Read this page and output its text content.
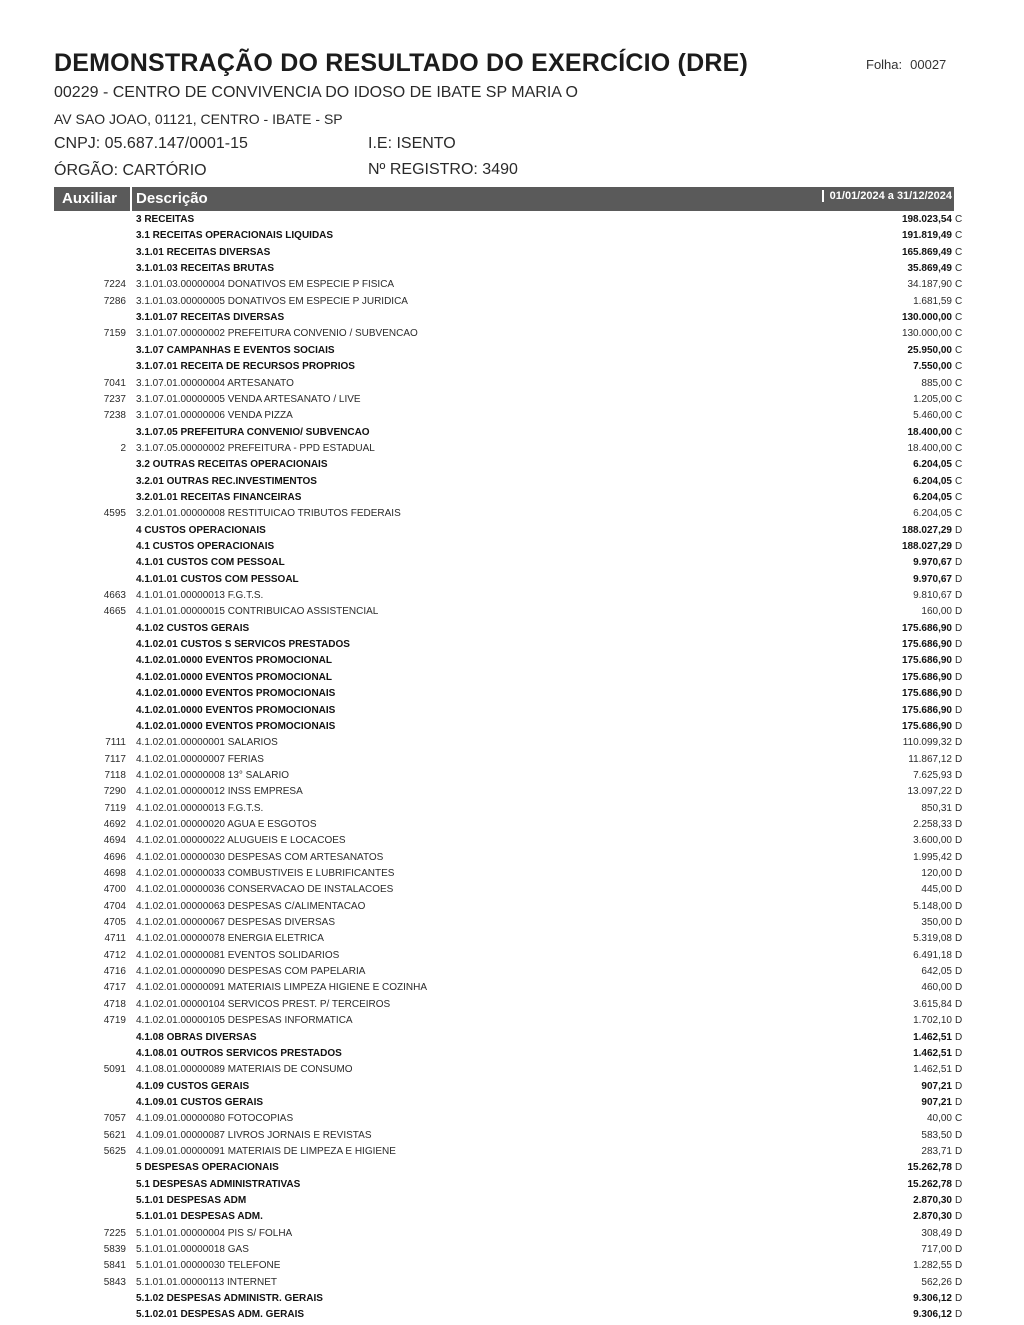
DEMONSTRAÇÃO DO RESULTADO DO EXERCÍCIO (DRE)	Folha: 00027
00229 - CENTRO DE CONVIVENCIA DO IDOSO DE IBATE SP MARIA O
AV SAO JOAO, 01121, CENTRO - IBATE - SP
CNPJ: 05.687.147/0001-15	I.E: ISENTO
ÓRGÃO: CARTÓRIO	Nº REGISTRO: 3490
Auxiliar Descrição	01/01/2024 a 31/12/2024
3 RECEITAS	198.023,54 C
3.1 RECEITAS OPERACIONAIS LIQUIDAS	191.819,49 C
3.1.01 RECEITAS DIVERSAS	165.869,49 C
3.1.01.03 RECEITAS BRUTAS	35.869,49 C
7224 3.1.01.03.00000004 DONATIVOS EM ESPECIE P FISICA	34.187,90 C
7286 3.1.01.03.00000005 DONATIVOS EM ESPECIE P JURIDICA	1.681,59 C
3.1.01.07 RECEITAS DIVERSAS	130.000,00 C
7159 3.1.01.07.00000002 PREFEITURA CONVENIO / SUBVENCAO	130.000,00 C
3.1.07 CAMPANHAS E EVENTOS SOCIAIS	25.950,00 C
3.1.07.01 RECEITA DE RECURSOS PROPRIOS	7.550,00 C
7041 3.1.07.01.00000004 ARTESANATO	885,00 C
7237 3.1.07.01.00000005 VENDA ARTESANATO / LIVE	1.205,00 C
7238 3.1.07.01.00000006 VENDA PIZZA	5.460,00 C
3.1.07.05 PREFEITURA CONVENIO/ SUBVENCAO	18.400,00 C
2 3.1.07.05.00000002 PREFEITURA - PPD ESTADUAL	18.400,00 C
3.2 OUTRAS RECEITAS OPERACIONAIS	6.204,05 C
3.2.01 OUTRAS REC.INVESTIMENTOS	6.204,05 C
3.2.01.01 RECEITAS FINANCEIRAS	6.204,05 C
4595 3.2.01.01.00000008 RESTITUICAO TRIBUTOS FEDERAIS	6.204,05 C
4 CUSTOS OPERACIONAIS	188.027,29 D
4.1 CUSTOS OPERACIONAIS	188.027,29 D
4.1.01 CUSTOS COM PESSOAL	9.970,67 D
4.1.01.01 CUSTOS COM PESSOAL	9.970,67 D
4663 4.1.01.01.00000013 F.G.T.S.	9.810,67 D
4665 4.1.01.01.00000015 CONTRIBUICAO ASSISTENCIAL	160,00 D
4.1.02 CUSTOS GERAIS	175.686,90 D
4.1.02.01 CUSTOS S SERVICOS PRESTADOS	175.686,90 D
4.1.02.01.0000 EVENTOS PROMOCIONAL	175.686,90 D
4.1.02.01.0000 EVENTOS PROMOCIONAL	175.686,90 D
4.1.02.01.0000 EVENTOS PROMOCIONAIS	175.686,90 D
4.1.02.01.0000 EVENTOS PROMOCIONAIS	175.686,90 D
4.1.02.01.0000 EVENTOS PROMOCIONAIS	175.686,90 D
7111 4.1.02.01.00000001 SALARIOS	110.099,32 D
7117 4.1.02.01.00000007 FERIAS	11.867,12 D
7118 4.1.02.01.00000008 13° SALARIO	7.625,93 D
7290 4.1.02.01.00000012 INSS EMPRESA	13.097,22 D
7119 4.1.02.01.00000013 F.G.T.S.	850,31 D
4692 4.1.02.01.00000020 AGUA E ESGOTOS	2.258,33 D
4694 4.1.02.01.00000022 ALUGUEIS E LOCACOES	3.600,00 D
4696 4.1.02.01.00000030 DESPESAS COM ARTESANATOS	1.995,42 D
4698 4.1.02.01.00000033 COMBUSTIVEIS E LUBRIFICANTES	120,00 D
4700 4.1.02.01.00000036 CONSERVACAO DE INSTALACOES	445,00 D
4704 4.1.02.01.00000063 DESPESAS C/ALIMENTACAO	5.148,00 D
4705 4.1.02.01.00000067 DESPESAS DIVERSAS	350,00 D
4711 4.1.02.01.00000078 ENERGIA ELETRICA	5.319,08 D
4712 4.1.02.01.00000081 EVENTOS SOLIDARIOS	6.491,18 D
4716 4.1.02.01.00000090 DESPESAS COM PAPELARIA	642,05 D
4717 4.1.02.01.00000091 MATERIAIS LIMPEZA HIGIENE E COZINHA	460,00 D
4718 4.1.02.01.00000104 SERVICOS PREST. P/ TERCEIROS	3.615,84 D
4719 4.1.02.01.00000105 DESPESAS INFORMATICA	1.702,10 D
4.1.08 OBRAS DIVERSAS	1.462,51 D
4.1.08.01 OUTROS SERVICOS PRESTADOS	1.462,51 D
5091 4.1.08.01.00000089 MATERIAIS DE CONSUMO	1.462,51 D
4.1.09 CUSTOS GERAIS	907,21 D
4.1.09.01 CUSTOS GERAIS	907,21 D
7057 4.1.09.01.00000080 FOTOCOPIAS	40,00 C
5621 4.1.09.01.00000087 LIVROS JORNAIS E REVISTAS	583,50 D
5625 4.1.09.01.00000091 MATERIAIS DE LIMPEZA E HIGIENE	283,71 D
5 DESPESAS OPERACIONAIS	15.262,78 D
5.1 DESPESAS ADMINISTRATIVAS	15.262,78 D
5.1.01 DESPESAS ADM	2.870,30 D
5.1.01.01 DESPESAS ADM.	2.870,30 D
7225 5.1.01.01.00000004 PIS S/ FOLHA	308,49 D
5839 5.1.01.01.00000018 GAS	717,00 D
5841 5.1.01.01.00000030 TELEFONE	1.282,55 D
5843 5.1.01.01.00000113 INTERNET	562,26 D
5.1.02 DESPESAS ADMINISTR. GERAIS	9.306,12 D
5.1.02.01 DESPESAS ADM. GERAIS	9.306,12 D
